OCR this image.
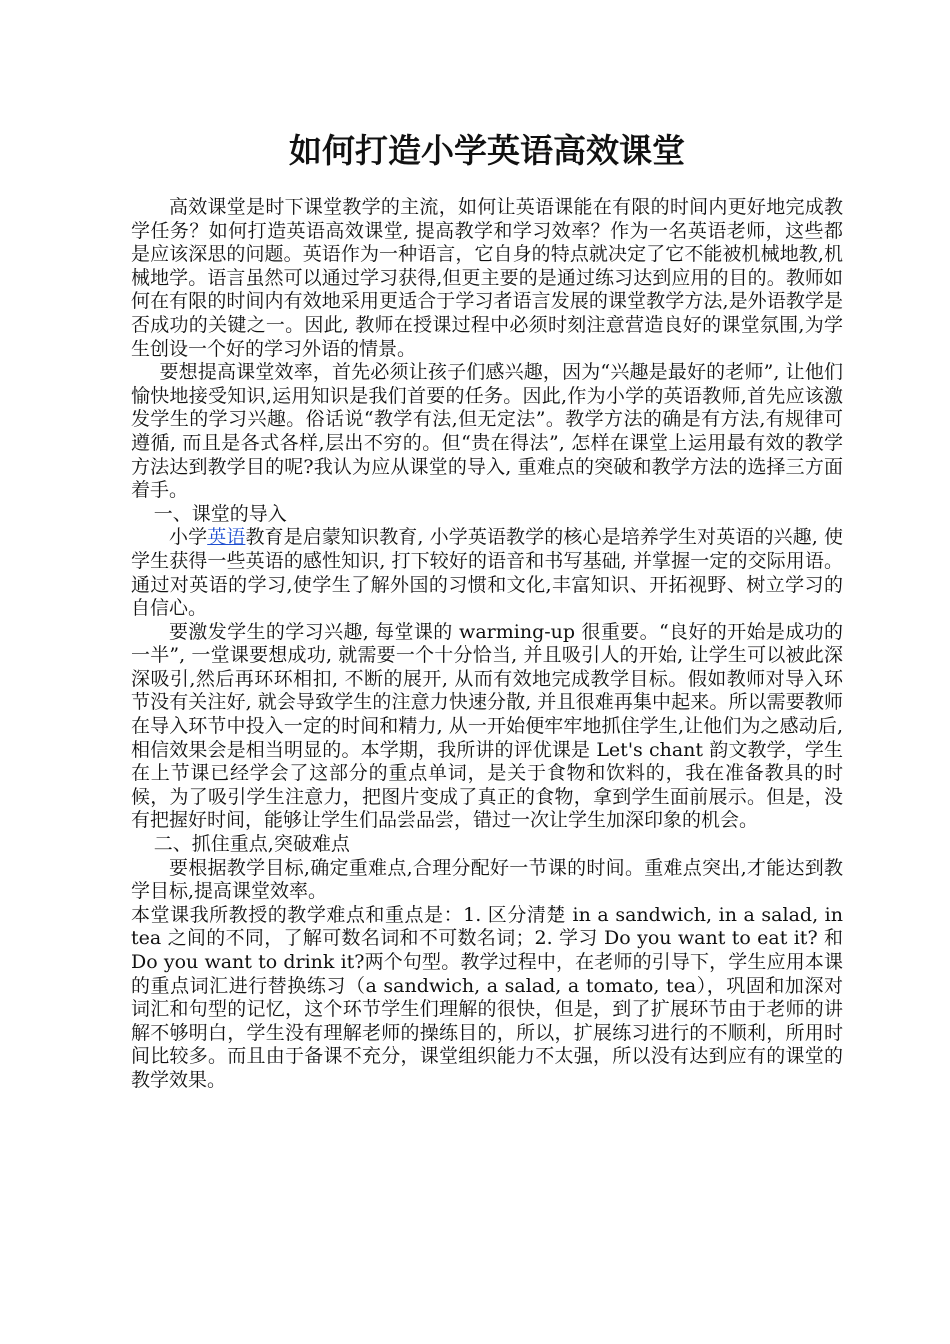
如何打造小学英语高效课堂

高效课堂是时下课堂教学的主流，如何让英语课能在有限的时间内更好地完成教学任务？如何打造英语高效课堂, 提高教学和学习效率？作为一名英语老师，这些都是应该深思的问题。英语作为一种语言，它自身的特点就决定了它不能被机械地教,机械地学。语言虽然可以通过学习获得,但更主要的是通过练习达到应用的目的。教师如何在有限的时间内有效地采用更适合于学习者语言发展的课堂教学方法,是外语教学是否成功的关键之一。因此, 教师在授课过程中必须时刻注意营造良好的课堂氛围,为学生创设一个好的学习外语的情景。

要想提高课堂效率，首先必须让孩子们感兴趣，因为“兴趣是最好的老师”, 让他们愉快地接受知识,运用知识是我们首要的任务。因此,作为小学的英语教师,首先应该激发学生的学习兴趣。俗话说“教学有法,但无定法”。教学方法的确是有方法,有规律可遵循, 而且是各式各样,层出不穷的。但“贵在得法”, 怎样在课堂上运用最有效的教学方法达到教学目的呢?我认为应从课堂的导入, 重难点的突破和教学方法的选择三方面着手。

一、课堂的导入

小学英语教育是启蒙知识教育, 小学英语教学的核心是培养学生对英语的兴趣, 使学生获得一些英语的感性知识, 打下较好的语音和书写基础, 并掌握一定的交际用语。通过对英语的学习,使学生了解外国的习惯和文化,丰富知识、开拓视野、树立学习的自信心。

要激发学生的学习兴趣, 每堂课的 warming-up 很重要。“良好的开始是成功的一半”, 一堂课要想成功, 就需要一个十分恰当, 并且吸引人的开始, 让学生可以被此深深吸引,然后再环环相扣, 不断的展开, 从而有效地完成教学目标。假如教师对导入环节没有关注好, 就会导致学生的注意力快速分散, 并且很难再集中起来。所以需要教师在导入环节中投入一定的时间和精力, 从一开始便牢牢地抓住学生,让他们为之感动后, 相信效果会是相当明显的。本学期，我所讲的评优课是 Let's chant 韵文教学，学生在上节课已经学会了这部分的重点单词，是关于食物和饮料的，我在准备教具的时候，为了吸引学生注意力，把图片变成了真正的食物，拿到学生面前展示。但是，没有把握好时间，能够让学生们品尝品尝，错过一次让学生加深印象的机会。

二、抓住重点,突破难点

要根据教学目标,确定重难点,合理分配好一节课的时间。重难点突出,才能达到教学目标,提高课堂效率。

本堂课我所教授的教学难点和重点是：1. 区分清楚 in a sandwich, in a salad, in tea 之间的不同，了解可数名词和不可数名词；2. 学习 Do you want to eat it? 和 Do you want to drink it?两个句型。教学过程中，在老师的引导下，学生应用本课的重点词汇进行替换练习（a sandwich, a salad, a tomato, tea），巩固和加深对词汇和句型的记忆，这个环节学生们理解的很快，但是，到了扩展环节由于老师的讲解不够明白，学生没有理解老师的操练目的，所以，扩展练习进行的不顺利，所用时间比较多。而且由于备课不充分，课堂组织能力不太强，所以没有达到应有的课堂的教学效果。
